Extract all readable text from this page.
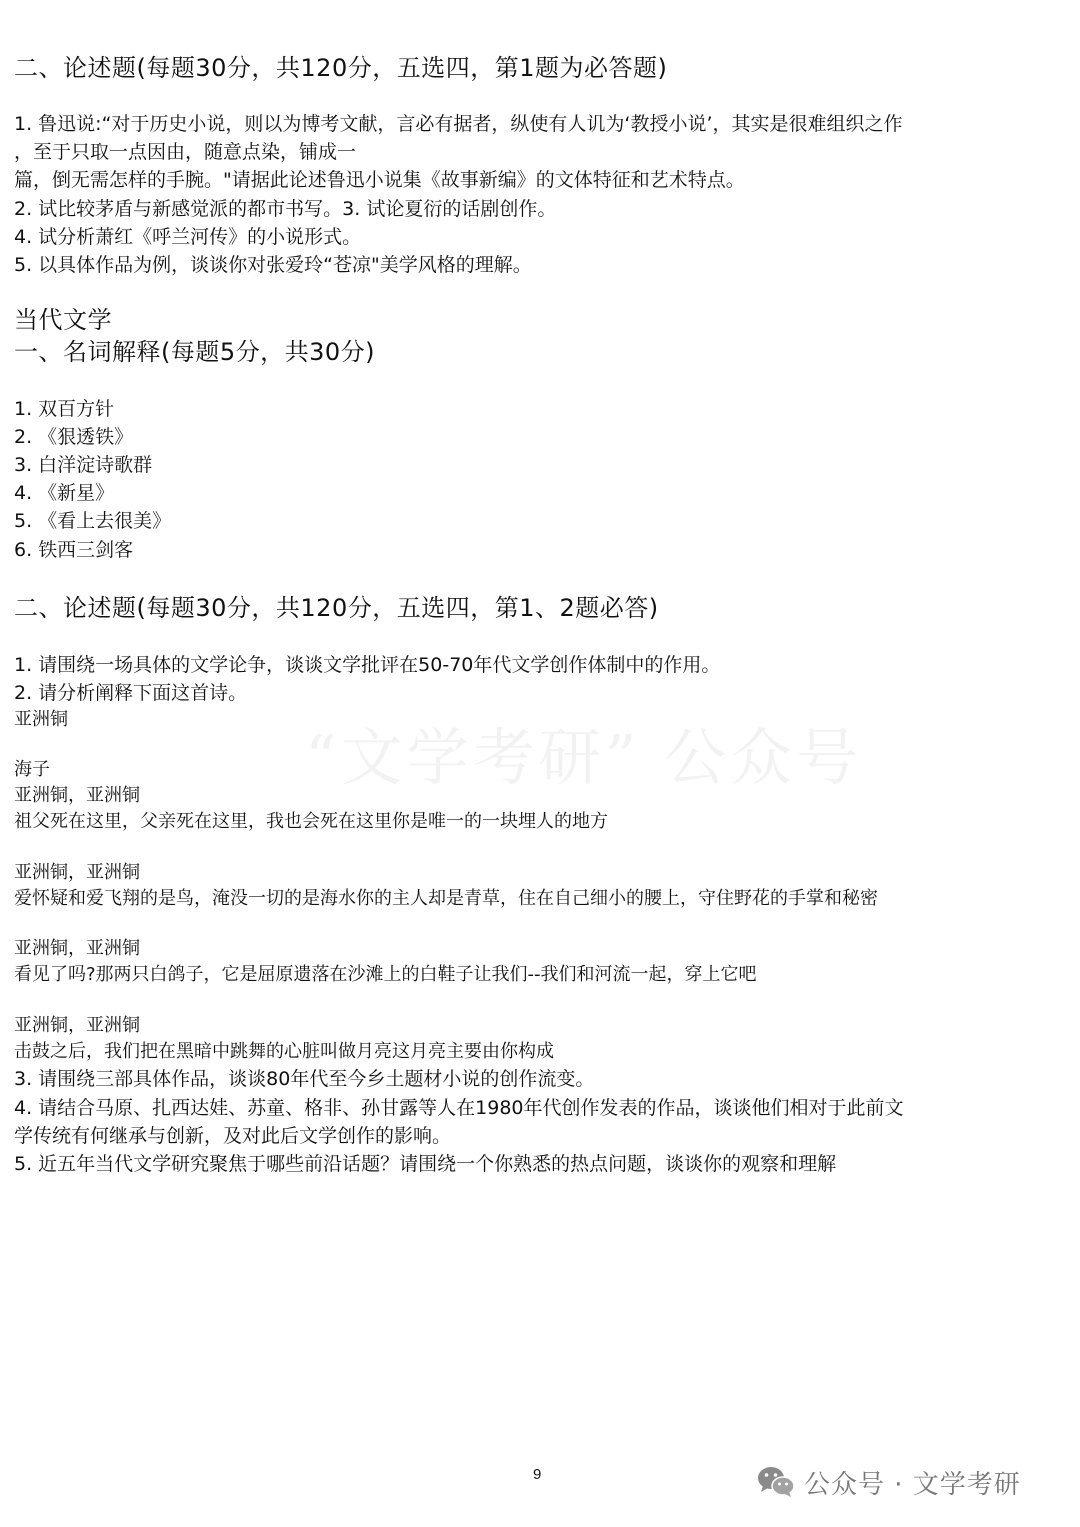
“文学考研” 公众号
二、论述题(每题30分，共120分，五选四，第1题为必答题)
1. 鲁迅说:“对于历史小说，则以为博考文献，言必有据者，纵使有人讥为‘教授小说’，其实是很难组织之作
，至于只取一点因由，随意点染，铺成一
篇，倒无需怎样的手腕。"请据此论述鲁迅小说集《故事新编》的文体特征和艺术特点。
2. 试比较茅盾与新感觉派的都市书写。3. 试论夏衍的话剧创作。
4. 试分析萧红《呼兰河传》的小说形式。
5. 以具体作品为例，谈谈你对张爱玲“苍凉"美学风格的理解。
当代文学
一、名词解释(每题5分，共30分)
1. 双百方针
2. 《狠透铁》
3. 白洋淀诗歌群
4. 《新星》
5. 《看上去很美》
6. 铁西三剑客
二、论述题(每题30分，共120分，五选四，第1、2题必答)
1. 请围绕一场具体的文学论争，谈谈文学批评在50-70年代文学创作体制中的作用。
2. 请分析阐释下面这首诗。
亚洲铜
海子
亚洲铜，亚洲铜
祖父死在这里，父亲死在这里，我也会死在这里你是唯一的一块埋人的地方
亚洲铜，亚洲铜
爱怀疑和爱飞翔的是鸟，淹没一切的是海水你的主人却是青草，住在自己细小的腰上，守住野花的手掌和秘密
亚洲铜，亚洲铜
看见了吗?那两只白鸽子，它是屈原遗落在沙滩上的白鞋子让我们--我们和河流一起，穿上它吧
亚洲铜，亚洲铜
击鼓之后，我们把在黑暗中跳舞的心脏叫做月亮这月亮主要由你构成
3. 请围绕三部具体作品，谈谈80年代至今乡土题材小说的创作流变。
4. 请结合马原、扎西达娃、苏童、格非、孙甘露等人在1980年代创作发表的作品，谈谈他们相对于此前文
学传统有何继承与创新，及对此后文学创作的影响。
5. 近五年当代文学研究聚焦于哪些前沿话题？请围绕一个你熟悉的热点问题，谈谈你的观察和理解
9	公众号 · 文学考研
